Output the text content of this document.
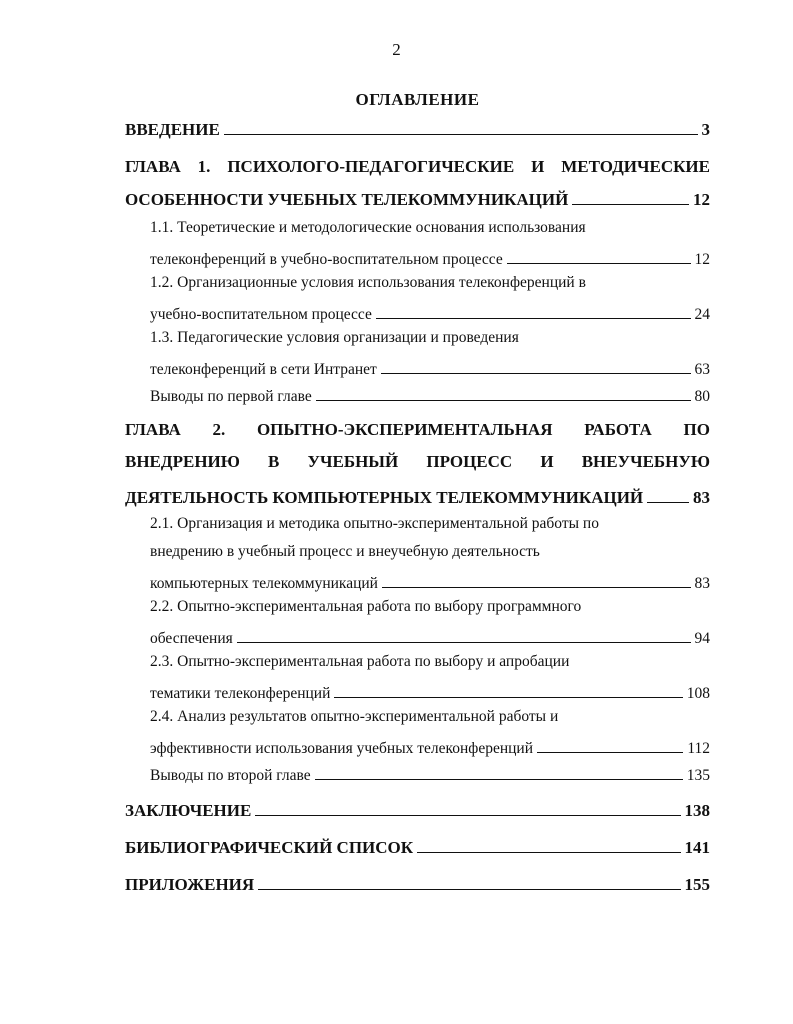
2
ОГЛАВЛЕНИЕ
ВВЕДЕНИЕ	3
ГЛАВА 1. ПСИХОЛОГО-ПЕДАГОГИЧЕСКИЕ И МЕТОДИЧЕСКИЕ
ОСОБЕННОСТИ УЧЕБНЫХ ТЕЛЕКОММУНИКАЦИЙ	12
1.1. Теоретические и методологические основания использования
телеконференций в учебно-воспитательном процессе	12
1.2. Организационные условия использования телеконференций в
учебно-воспитательном процессе	24
1.3. Педагогические условия организации и проведения
телеконференций в сети Интранет	63
Выводы по первой главе	80
ГЛАВА 2. ОПЫТНО-ЭКСПЕРИМЕНТАЛЬНАЯ РАБОТА ПО
ВНЕДРЕНИЮ В УЧЕБНЫЙ ПРОЦЕСС И ВНЕУЧЕБНУЮ
ДЕЯТЕЛЬНОСТЬ КОМПЬЮТЕРНЫХ ТЕЛЕКОММУНИКАЦИЙ	83
2.1. Организация и методика опытно-экспериментальной работы по
внедрению в учебный процесс и внеучебную деятельность
компьютерных телекоммуникаций	83
2.2. Опытно-экспериментальная работа по выбору программного
обеспечения	94
2.3. Опытно-экспериментальная работа по выбору и апробации
тематики телеконференций	108
2.4. Анализ результатов опытно-экспериментальной работы и
эффективности использования учебных телеконференций	112
Выводы по второй главе	135
ЗАКЛЮЧЕНИЕ	138
БИБЛИОГРАФИЧЕСКИЙ СПИСОК	141
ПРИЛОЖЕНИЯ	155
